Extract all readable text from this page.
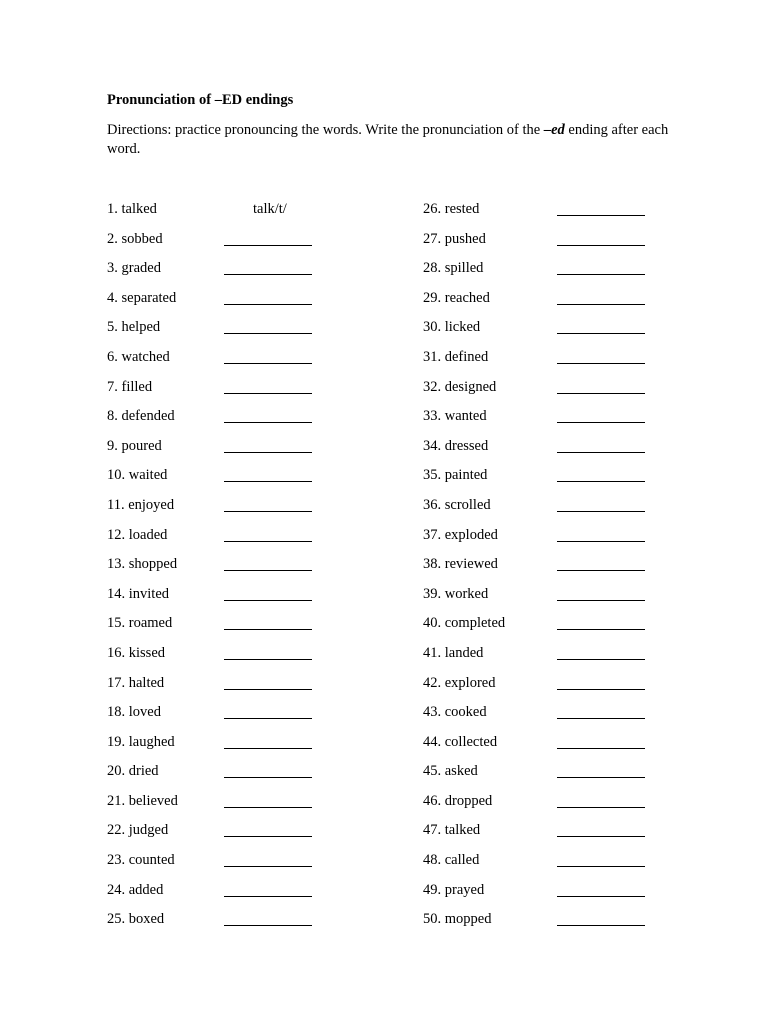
Pronunciation of –ED endings
Directions: practice pronouncing the words. Write the pronunciation of the –ed ending after each word.
1. talked	talk/t/
2. sobbed
3. graded
4. separated
5. helped
6. watched
7. filled
8. defended
9. poured
10. waited
11. enjoyed
12. loaded
13. shopped
14. invited
15. roamed
16. kissed
17. halted
18. loved
19. laughed
20. dried
21. believed
22. judged
23. counted
24. added
25. boxed
26. rested
27. pushed
28. spilled
29. reached
30. licked
31. defined
32. designed
33. wanted
34. dressed
35. painted
36. scrolled
37. exploded
38. reviewed
39. worked
40. completed
41. landed
42. explored
43. cooked
44. collected
45. asked
46. dropped
47. talked
48. called
49. prayed
50. mopped
